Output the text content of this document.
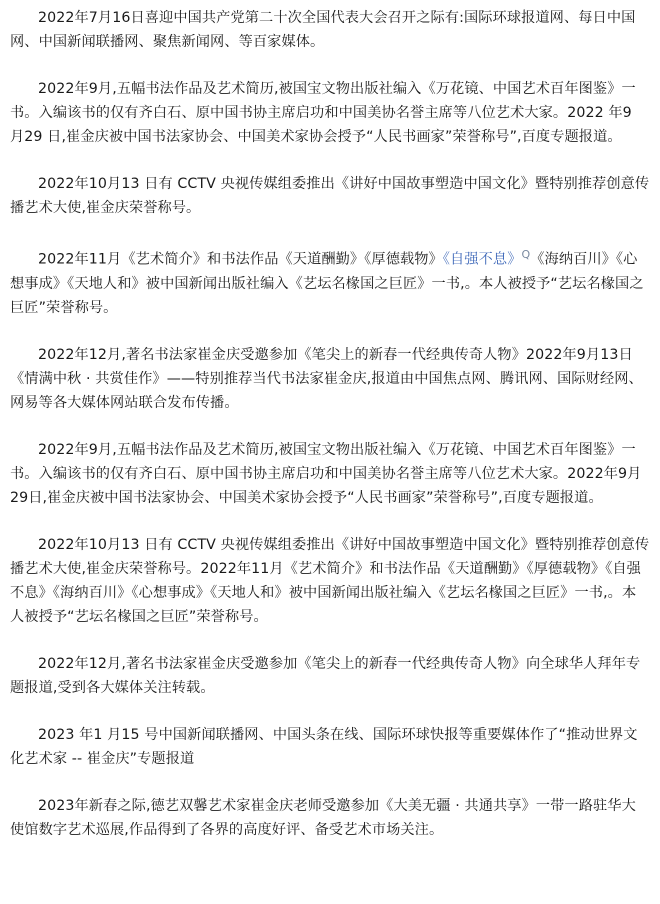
2022年7月16日喜迎中国共产党第二十次全国代表大会召开之际有:国际环球报道网、每日中国网、中国新闻联播网、聚焦新闻网、等百家媒体。

2022年9月,五幅书法作品及艺术简历,被国宝文物出版社编入《万花镜、中国艺术百年图鉴》一书。入编该书的仅有齐白石、原中国书协主席启功和中国美协名誉主席等八位艺术大家。2022 年9 月29 日,崔金庆被中国书法家协会、中国美术家协会授予“人民书画家”荣誉称号”,百度专题报道。

2022年10月13 日有 CCTV 央视传媒组委推出《讲好中国故事塑造中国文化》暨特别推荐创意传播艺术大使,崔金庆荣誉称号。

2022年11月《艺术简介》和书法作品《天道酬勤》《厚德载物》《自强不息》$^Q$《海纳百川》《心想事成》《天地人和》被中国新闻出版社编入《艺坛名椽国之巨匠》一书,。本人被授予“艺坛名椽国之巨匠”荣誉称号。

2022年12月,著名书法家崔金庆受邀参加《笔尖上的新春一代经典传奇人物》2022年9月13日《情满中秋 · 共赏佳作》——特别推荐当代书法家崔金庆,报道由中国焦点网、腾讯网、国际财经网、网易等各大媒体网站联合发布传播。

2022年9月,五幅书法作品及艺术简历,被国宝文物出版社编入《万花镜、中国艺术百年图鉴》一书。入编该书的仅有齐白石、原中国书协主席启功和中国美协名誉主席等八位艺术大家。2022年9月29日,崔金庆被中国书法家协会、中国美术家协会授予“人民书画家”荣誉称号”,百度专题报道。

2022年10月13 日有 CCTV 央视传媒组委推出《讲好中国故事塑造中国文化》暨特别推荐创意传播艺术大使,崔金庆荣誉称号。2022年11月《艺术简介》和书法作品《天道酬勤》《厚德载物》《自强不息》《海纳百川》《心想事成》《天地人和》被中国新闻出版社编入《艺坛名椽国之巨匠》一书,。本人被授予“艺坛名椽国之巨匠”荣誉称号。

2022年12月,著名书法家崔金庆受邀参加《笔尖上的新春一代经典传奇人物》向全球华人拜年专题报道,受到各大媒体关注转载。

2023 年1 月15 号中国新闻联播网、中国头条在线、国际环球快报等重要媒体作了“推动世界文化艺术家 -- 崔金庆”专题报道

2023年新春之际,德艺双馨艺术家崔金庆老师受邀参加《大美无疆 · 共通共享》一带一路驻华大使馆数字艺术巡展,作品得到了各界的高度好评、备受艺术市场关注。
